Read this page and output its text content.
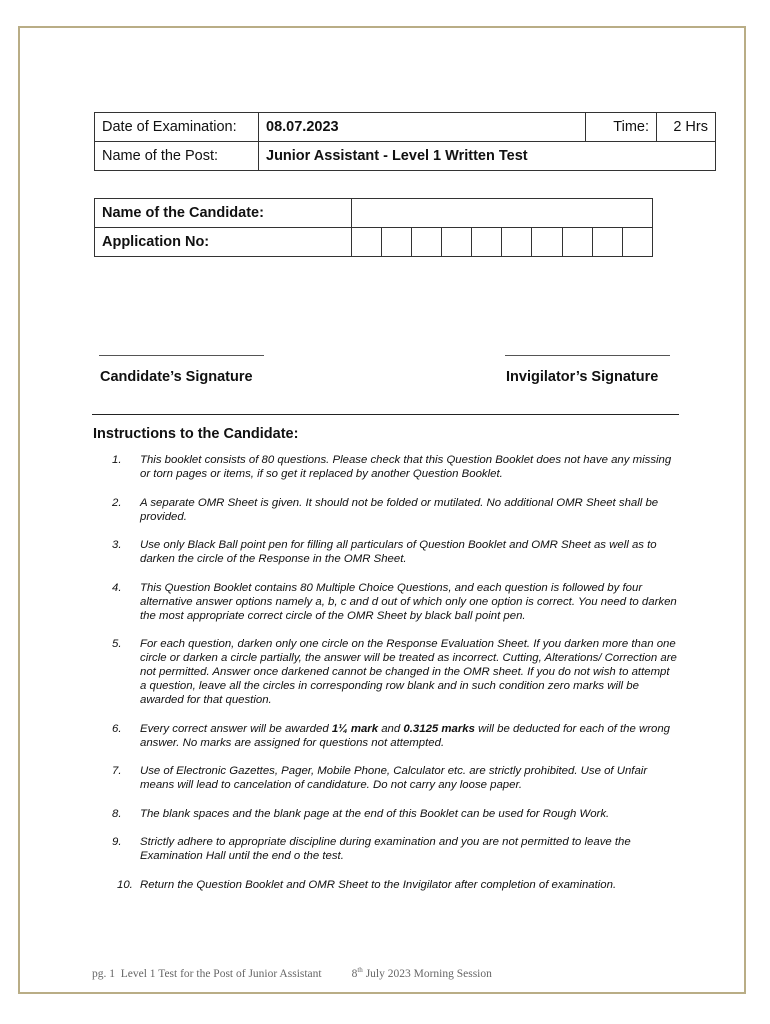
Date of Examination:	08.07.2023	Time:	2 Hrs
Name of the Post:	Junior Assistant - Level 1 Written Test		
Name of the Candidate:										
Application No:										
Candidate’s Signature	Invigilator’s Signature
Instructions to the Candidate:
1.	This booklet consists of 80 questions. Please check that this Question Booklet does not have any missing or torn pages or items, if so get it replaced by another Question Booklet.
2.	A separate OMR Sheet is given. It should not be folded or mutilated. No additional OMR Sheet shall be provided.
3.	Use only Black Ball point pen for filling all particulars of Question Booklet and OMR Sheet as well as to darken the circle of the Response in the OMR Sheet.
4.	This Question Booklet contains 80 Multiple Choice Questions, and each question is followed by four alternative answer options namely a, b, c and d out of which only one option is correct. You need to darken the most appropriate correct circle of the OMR Sheet by black ball point pen.
5.	For each question, darken only one circle on the Response Evaluation Sheet. If you darken more than one circle or darken a circle partially, the answer will be treated as incorrect. Cutting, Alterations/ Correction are not permitted. Answer once darkened cannot be changed in the OMR sheet. If you do not wish to attempt a question, leave all the circles in corresponding row blank and in such condition zero marks will be awarded for that question.
6.	Every correct answer will be awarded 1¼ mark and 0.3125 marks will be deducted for each of the wrong answer. No marks are assigned for questions not attempted.
7.	Use of Electronic Gazettes, Pager, Mobile Phone, Calculator etc. are strictly prohibited. Use of Unfair means will lead to cancelation of candidature. Do not carry any loose paper.
8.	The blank spaces and the blank page at the end of this Booklet can be used for Rough Work.
9.	Strictly adhere to appropriate discipline during examination and you are not permitted to leave the Examination Hall until the end o the test.
10. Return the Question Booklet and OMR Sheet to the Invigilator after completion of examination.
pg. 1 Level 1 Test for the Post of Junior Assistant	8th July 2023 Morning Session
